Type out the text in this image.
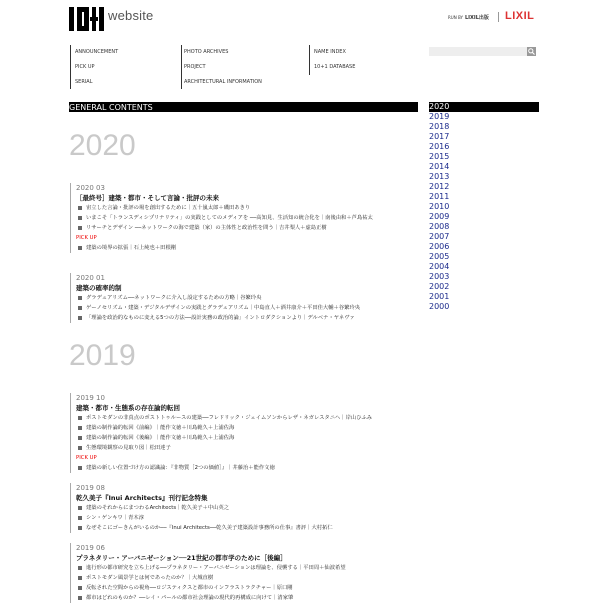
website	RUN BY LIXIL出版 LIXIL
ANNOUNCEMENT
PICK UP
SERIAL
PHOTO ARCHIVES
PROJECT
ARCHITECTURAL INFORMATION
NAME INDEX
10+1 DATABASE
GENERAL CONTENTS	2020
2019
2018
2017
2016
2015
2014
2013
2012
2011
2010
2009
2008
2007
2006
2005
2004
2003
2002
2001
2000
2020
2020 03
［最終号］建築・都市・そして言論・批評の未来
宙立した言論・批評の場を創出するために｜五十嵐太郎＋磯田あきり
いまこそ「トランスディシプリナリティ」の実践としてのメディアを ──高知見、生活知の統合化を｜南後由和＋芦島祐太
リサーチとデザイン ──ネットワークの海で建築（家）の主体性と政治性を問う｜吉井梨人＋虚島正樹
PICK UP
建築の境界の拡張｜石上純也＋田根剛
2020 01
建築の確率的制
グラデュアリズム──ネットワークに介入し設定するための方略｜谷繁玲央
ゲーノセリズム・建築・デジタルデザインの実践とグラデュアリズム｜中島直人＋酒井康介＋平田佳大輔＋谷繁玲央
「理論を政治的なものに変える5つの方法──設計実務の政治的論」イントロダクションより｜デルベナ・ヤネヴァ
2019
2019 10
建築・都市・生態系の存在論的転回
ポストモダンの非真点のポストトゥルースの建築──フレドリック・ジェイムソンからレザ・ネガレスタニへ｜岸山ひふみ
建築の制作論的転回《前編》｜能作文徳＋川島範久＋上浦佐海
建築の制作論的転回《後編》｜能作文徳＋川島範久＋上浦佐海
生態環境観察の見取り図｜松田達子
PICK UP
建築の新しい位置づけ方の認識論：『非物質［2つの価値］』｜井藤治＋能作文徳
2019 08
乾久美子『Inui Architects』刊行記念特集
建築のそれからにまつわるArchitects｜乾久美子＋中山英之
シン・ゲンキワ｜青木淳
なぜそこにゴーきんがいるのか──『Inui Architects──乾久美子建築設計事務所の仕事』書評｜大村拓仁
2019 06
プラネタリー・アーバニゼーション──21世紀の都市学のために［後編］
進行形の都市研究を立ち上げる──プラネタリー・アーバニゼーションは理論を、侵襲する｜平田周＋仙波希望
ポストモダン風景学とは何であったのか？｜大城直樹
反転された空間からの視角──ロジスティクスと都市のインフラストラクチャー｜原口剛
都市はどれのものか？──レイ・パールの都市社会理論の現代的再構成に向けて｜清家肇
